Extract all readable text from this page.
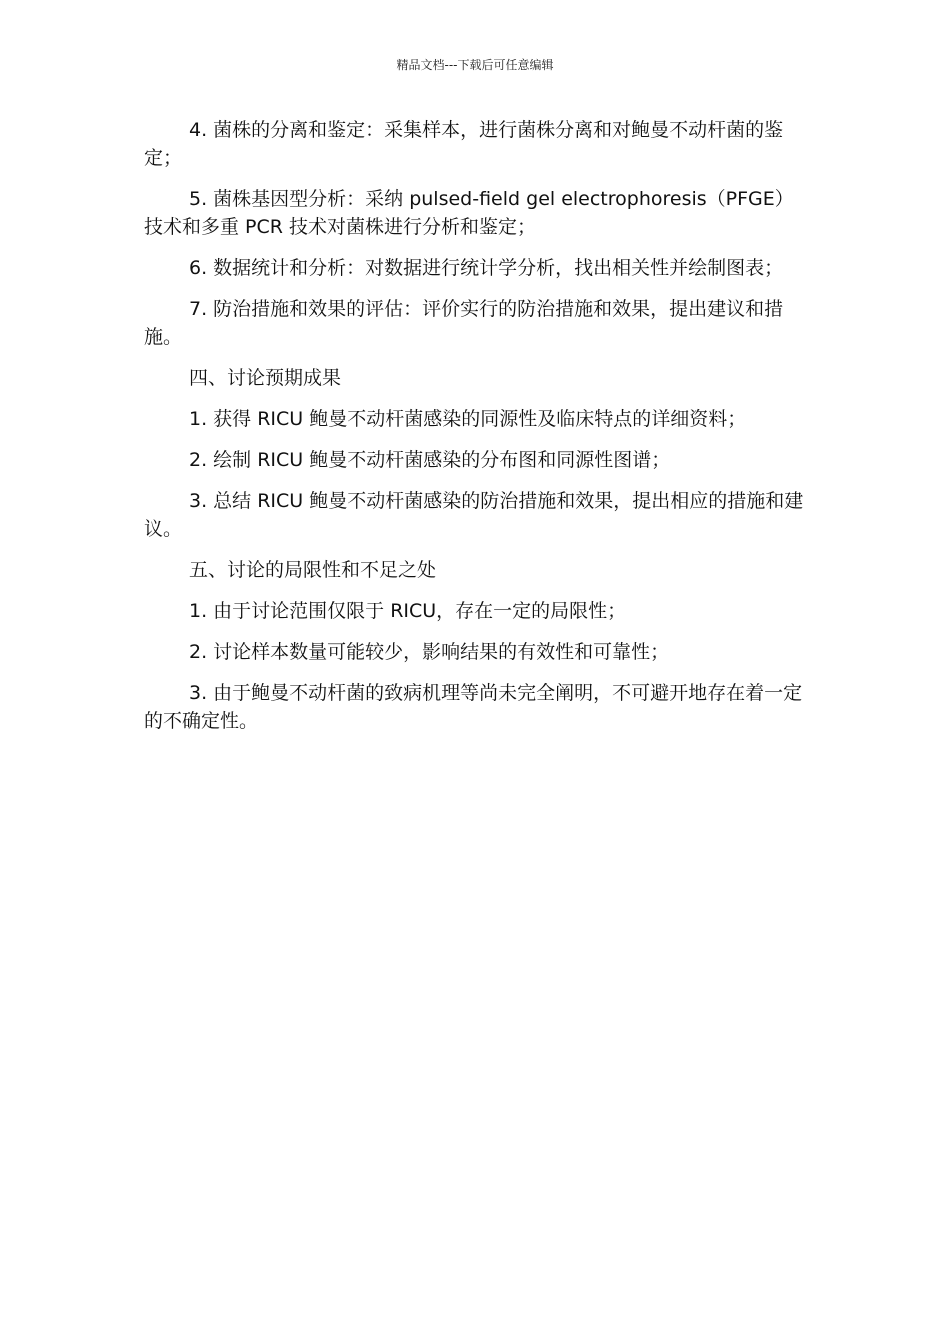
精品文档---下载后可任意编辑

4. 菌株的分离和鉴定：采集样本，进行菌株分离和对鲍曼不动杆菌的鉴定；

5. 菌株基因型分析：采纳 pulsed-field gel electrophoresis（PFGE）技术和多重 PCR 技术对菌株进行分析和鉴定；

6. 数据统计和分析：对数据进行统计学分析，找出相关性并绘制图表；

7. 防治措施和效果的评估：评价实行的防治措施和效果，提出建议和措施。

四、讨论预期成果

1. 获得 RICU 鲍曼不动杆菌感染的同源性及临床特点的详细资料；

2. 绘制 RICU 鲍曼不动杆菌感染的分布图和同源性图谱；

3. 总结 RICU 鲍曼不动杆菌感染的防治措施和效果，提出相应的措施和建议。

五、讨论的局限性和不足之处

1. 由于讨论范围仅限于 RICU，存在一定的局限性；

2. 讨论样本数量可能较少，影响结果的有效性和可靠性；

3. 由于鲍曼不动杆菌的致病机理等尚未完全阐明，不可避开地存在着一定的不确定性。
